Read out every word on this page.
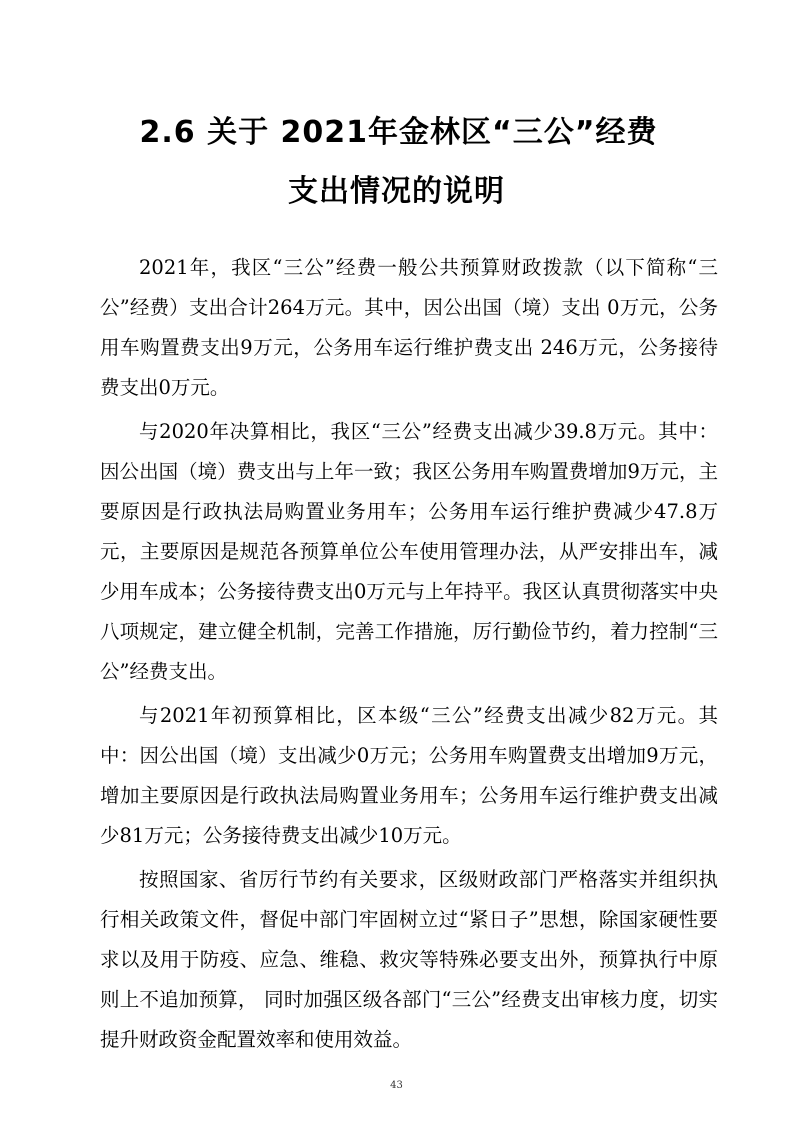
2.6 关于 2021年金林区“三公”经费
支出情况的说明

2021年，我区“三公”经费一般公共预算财政拨款（以下简称“三公”经费）支出合计264万元。其中，因公出国（境）支出 0万元，公务用车购置费支出9万元，公务用车运行维护费支出 246万元，公务接待费支出0万元。

与2020年决算相比，我区“三公”经费支出减少39.8万元。其中：因公出国（境）费支出与上年一致；我区公务用车购置费增加9万元，主要原因是行政执法局购置业务用车；公务用车运行维护费减少47.8万元，主要原因是规范各预算单位公车使用管理办法，从严安排出车，减少用车成本；公务接待费支出0万元与上年持平。我区认真贯彻落实中央八项规定，建立健全机制，完善工作措施，厉行勤俭节约，着力控制“三公”经费支出。

与2021年初预算相比，区本级“三公”经费支出减少82万元。其中：因公出国（境）支出减少0万元；公务用车购置费支出增加9万元，增加主要原因是行政执法局购置业务用车；公务用车运行维护费支出减少81万元；公务接待费支出减少10万元。

按照国家、省厉行节约有关要求，区级财政部门严格落实并组织执行相关政策文件，督促中部门牢固树立过“紧日子”思想，除国家硬性要求以及用于防疫、应急、维稳、救灾等特殊必要支出外，预算执行中原则上不追加预算， 同时加强区级各部门“三公”经费支出审核力度，切实提升财政资金配置效率和使用效益。

43
